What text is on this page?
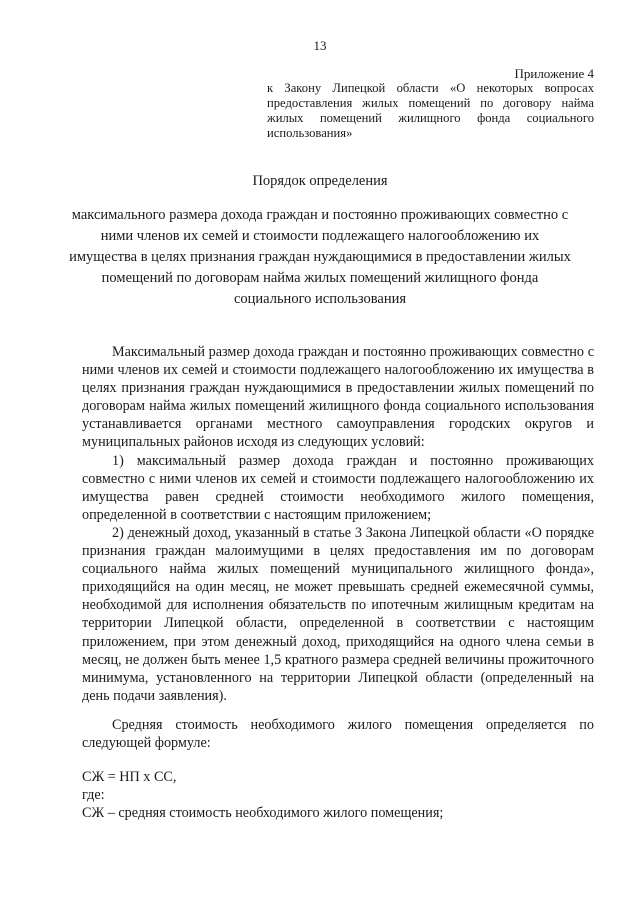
13
Приложение 4
к Закону Липецкой области «О некоторых вопросах предоставления жилых помещений по договору найма жилых помещений жилищного фонда социального использования»
Порядок определения
максимального размера дохода граждан и постоянно проживающих совместно с ними членов их семей и стоимости подлежащего налогообложению их имущества в целях признания граждан нуждающимися в предоставлении жилых помещений по договорам найма жилых помещений жилищного фонда социального использования

Максимальный размер дохода граждан и постоянно проживающих совместно с ними членов их семей и стоимости подлежащего налогообложению их имущества в целях признания граждан нуждающимися в предоставлении жилых помещений по договорам найма жилых помещений жилищного фонда социального использования устанавливается органами местного самоуправления городских округов и муниципальных районов исходя из следующих условий:

1) максимальный размер дохода граждан и постоянно проживающих совместно с ними членов их семей и стоимости подлежащего налогообложению их имущества равен средней стоимости необходимого жилого помещения, определенной в соответствии с настоящим приложением;

2) денежный доход, указанный в статье 3 Закона Липецкой области «О порядке признания граждан малоимущими в целях предоставления им по договорам социального найма жилых помещений муниципального жилищного фонда», приходящийся на один месяц, не может превышать средней ежемесячной суммы, необходимой для исполнения обязательств по ипотечным жилищным кредитам на территории Липецкой области, определенной в соответствии с настоящим приложением, при этом денежный доход, приходящийся на одного члена семьи в месяц, не должен быть менее 1,5 кратного размера средней величины прожиточного минимума, установленного на территории Липецкой области (определенный на день подачи заявления).

Средняя стоимость необходимого жилого помещения определяется по следующей формуле:

СЖ = НП х СС,

где:

СЖ – средняя стоимость необходимого жилого помещения;
